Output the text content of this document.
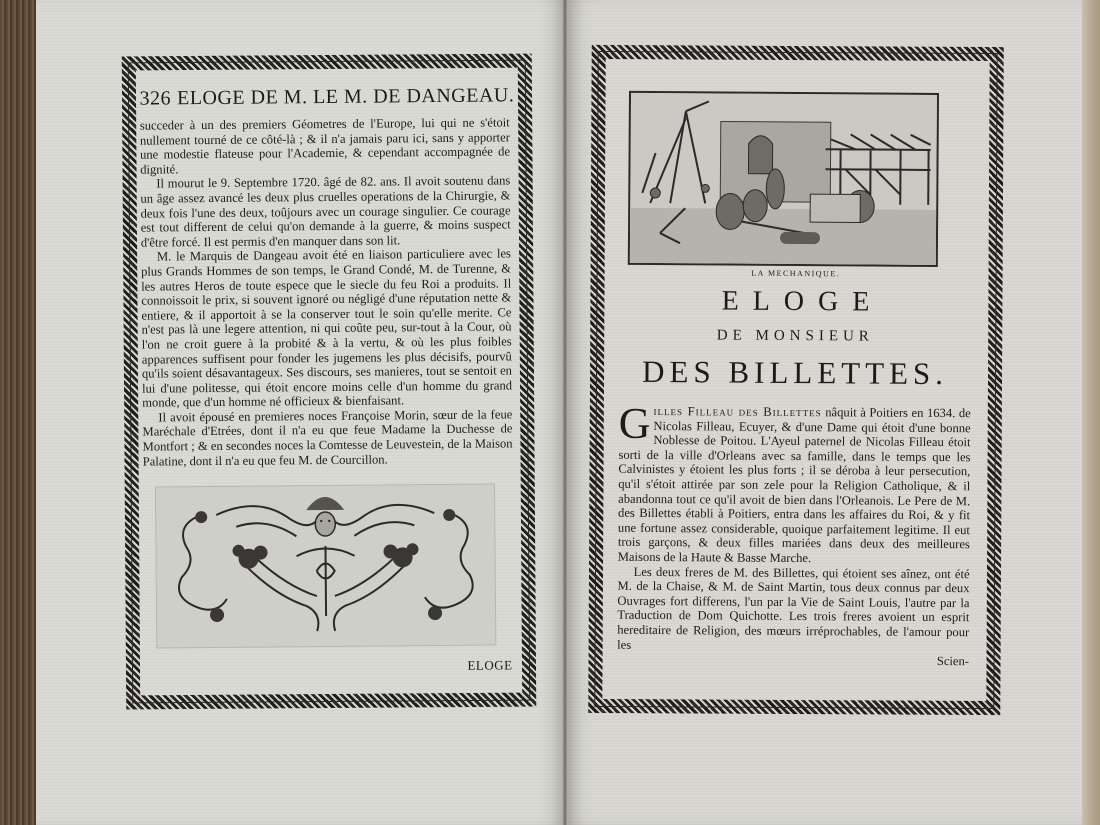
326 ELOGE DE M. LE M. DE DANGEAU.

succeder à un des premiers Géometres de l'Europe, lui qui ne s'étoit nullement tourné de ce côté-là ; & il n'a jamais paru ici, sans y apporter une modestie flateuse pour l'Academie, & cependant accompagnée de dignité.

Il mourut le 9. Septembre 1720. âgé de 82. ans. Il avoit soutenu dans un âge assez avancé les deux plus cruelles operations de la Chirurgie, & deux fois l'une des deux, toûjours avec un courage singulier. Ce courage est tout different de celui qu'on demande à la guerre, & moins suspect d'être forcé. Il est permis d'en manquer dans son lit.

M. le Marquis de Dangeau avoit été en liaison particuliere avec les plus Grands Hommes de son temps, le Grand Condé, M. de Turenne, & les autres Heros de toute espece que le siecle du feu Roi a produits. Il connoissoit le prix, si souvent ignoré ou négligé d'une réputation nette & entiere, & il apportoit à se la conserver tout le soin qu'elle merite. Ce n'est pas là une legere attention, ni qui coûte peu, sur-tout à la Cour, où l'on ne croit guere à la probité & à la vertu, & où les plus foibles apparences suffisent pour fonder les jugemens les plus décisifs, pourvû qu'ils soient désavantageux. Ses discours, ses manieres, tout se sentoit en lui d'une politesse, qui étoit encore moins celle d'un homme du grand monde, que d'un homme né officieux & bienfaisant.

Il avoit épousé en premieres noces Françoise Morin, sœur de la feue Maréchale d'Etrées, dont il n'a eu que feue Madame la Duchesse de Montfort ; & en secondes noces la Comtesse de Leuvestein, de la Maison Palatine, dont il n'a eu que feu M. de Courcillon.

ELOGE
LA MECHANIQUE.
ELOGE
DE MONSIEUR
DES BILLETTES.

Gilles Filleau des Billettes nâquit à Poitiers en 1634. de Nicolas Filleau, Ecuyer, & d'une Dame qui étoit d'une bonne Noblesse de Poitou. L'Ayeul paternel de Nicolas Filleau étoit sorti de la ville d'Orleans avec sa famille, dans le temps que les Calvinistes y étoient les plus forts ; il se déroba à leur persecution, qu'il s'étoit attirée par son zele pour la Religion Catholique, & il abandonna tout ce qu'il avoit de bien dans l'Orleanois. Le Pere de M. des Billettes établi à Poitiers, entra dans les affaires du Roi, & y fit une fortune assez considerable, quoique parfaitement legitime. Il eut trois garçons, & deux filles mariées dans deux des meilleures Maisons de la Haute & Basse Marche.

Les deux freres de M. des Billettes, qui étoient ses aînez, ont été M. de la Chaise, & M. de Saint Martin, tous deux connus par deux Ouvrages fort differens, l'un par la Vie de Saint Louis, l'autre par la Traduction de Dom Quichotte. Les trois freres avoient un esprit hereditaire de Religion, des mœurs irréprochables, de l'amour pour les

Scien-
